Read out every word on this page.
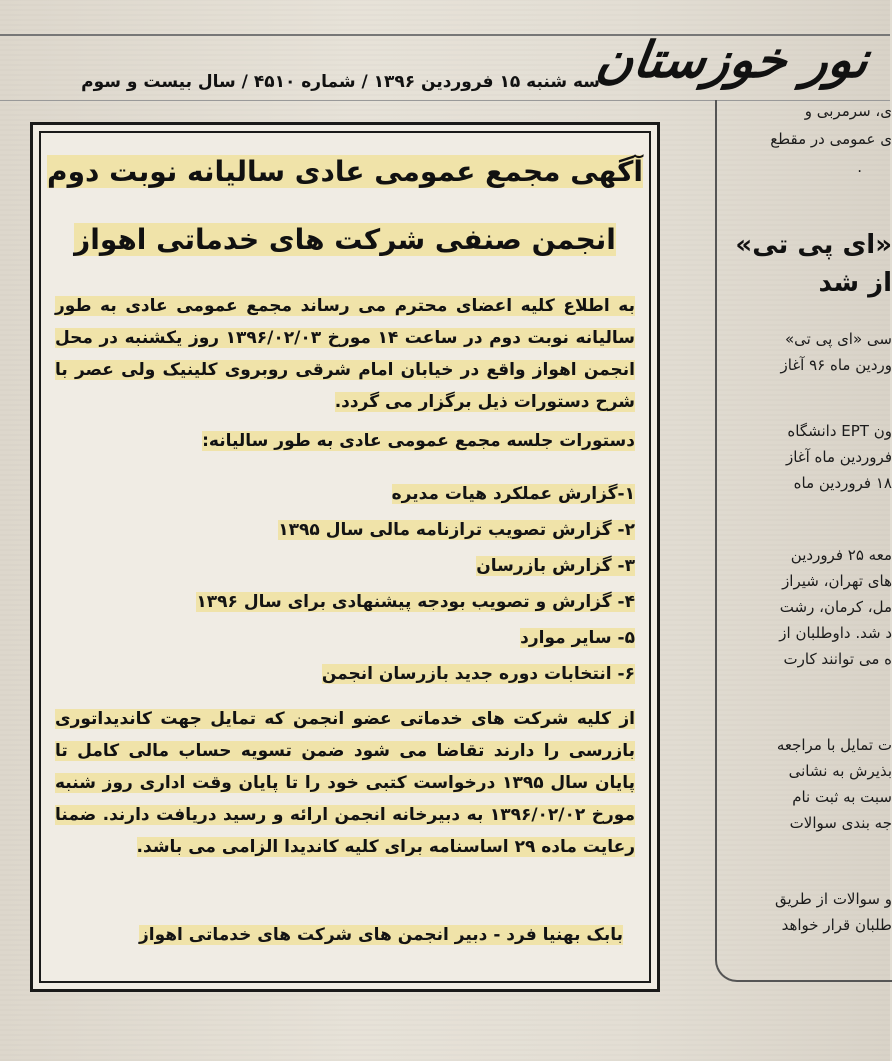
نور خوزستان
سه شنبه ۱۵ فروردین ۱۳۹۶ / شماره ۴۵۱۰ / سال بیست و سوم
آگهی مجمع عمومی عادی سالیانه نوبت دوم
انجمن صنفی شرکت های خدماتی اهواز
به اطلاع کلیه اعضای محترم می رساند مجمع عمومی عادی به طور سالیانه نوبت دوم در ساعت ۱۴ مورخ ۱۳۹۶/۰۲/۰۳ روز یکشنبه در محل انجمن اهواز واقع در خیابان امام شرقی روبروی کلینیک ولی عصر با شرح دستورات ذیل برگزار می گردد.
دستورات جلسه مجمع عمومی عادی به طور سالیانه:
۱-گزارش عملکرد هیات مدیره
۲- گزارش تصویب ترازنامه مالی سال ۱۳۹۵
۳- گزارش بازرسان
۴- گزارش و تصویب بودجه پیشنهادی برای سال ۱۳۹۶
۵- سایر موارد
۶- انتخابات دوره جدید بازرسان انجمن
از کلیه شرکت های خدماتی عضو انجمن که تمایل جهت کاندیداتوری بازرسی را دارند تقاضا می شود ضمن تسویه حساب مالی کامل تا پایان سال ۱۳۹۵ درخواست کتبی خود را تا پایان وقت اداری روز شنبه مورخ ۱۳۹۶/۰۲/۰۲ به دبیرخانه انجمن ارائه و رسید دریافت دارند. ضمنا رعایت ماده ۲۹ اساسنامه برای کلیه کاندیدا الزامی می باشد.
بابک بهنیا فرد - دبیر انجمن های شرکت های خدماتی اهواز
ی، سرمربی و
ی عمومی در مقطع
.
«ای پی تی»
از شد
سی «ای پی تی»
وردین ماه ۹۶ آغاز
ون EPT دانشگاه
فروردین ماه آغاز
۱۸ فروردین ماه
معه ۲۵ فروردین
های تهران، شیراز
مل، کرمان، رشت
د شد. داوطلبان از
ه می توانند کارت
ت تمایل با مراجعه
بذیرش به نشانی
سبت به ثبت نام
جه بندی سوالات
و سوالات از طریق
طلبان قرار خواهد
